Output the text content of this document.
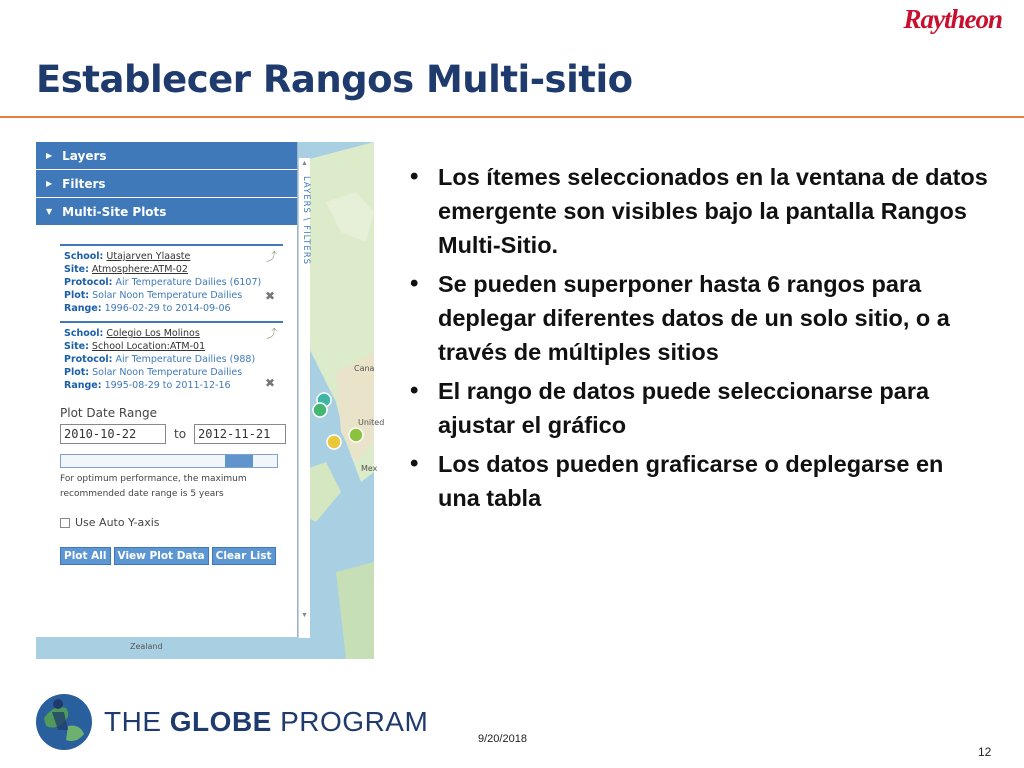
Raytheon
Establecer Rangos Multi-sitio
Cana
United
Mex
Zealand
▶ Layers
▶ Filters
▼ Multi-Site Plots
⤴
School: Utajarven Ylaaste
Site: Atmosphere:ATM-02
Protocol: Air Temperature Dailies (6107)
Plot: Solar Noon Temperature Dailies
Range: 1996-02-29 to 2014-09-06
✖
⤴
School: Colegio Los Molinos
Site: School Location:ATM-01
Protocol: Air Temperature Dailies (988)
Plot: Solar Noon Temperature Dailies
Range: 1995-08-29 to 2011-12-16	✖
Plot Date Range
2010-10-22
to
2012-11-21
For optimum performance, the maximum recommended date range is 5 years
Use Auto Y-axis
Plot All	View Plot Data	Clear List
▲
LAYERS \ FILTERS
▼
• Los ítemes seleccionados en la ventana de datos emergente son visibles bajo la pantalla Rangos Multi-Sitio.
• Se pueden superponer hasta 6 rangos para deplegar diferentes datos de un solo sitio, o a través de múltiples sitios
• El rango de datos puede seleccionarse para ajustar el gráfico
• Los datos pueden graficarse o deplegarse en una tabla
THE GLOBE PROGRAM
9/20/2018
12
